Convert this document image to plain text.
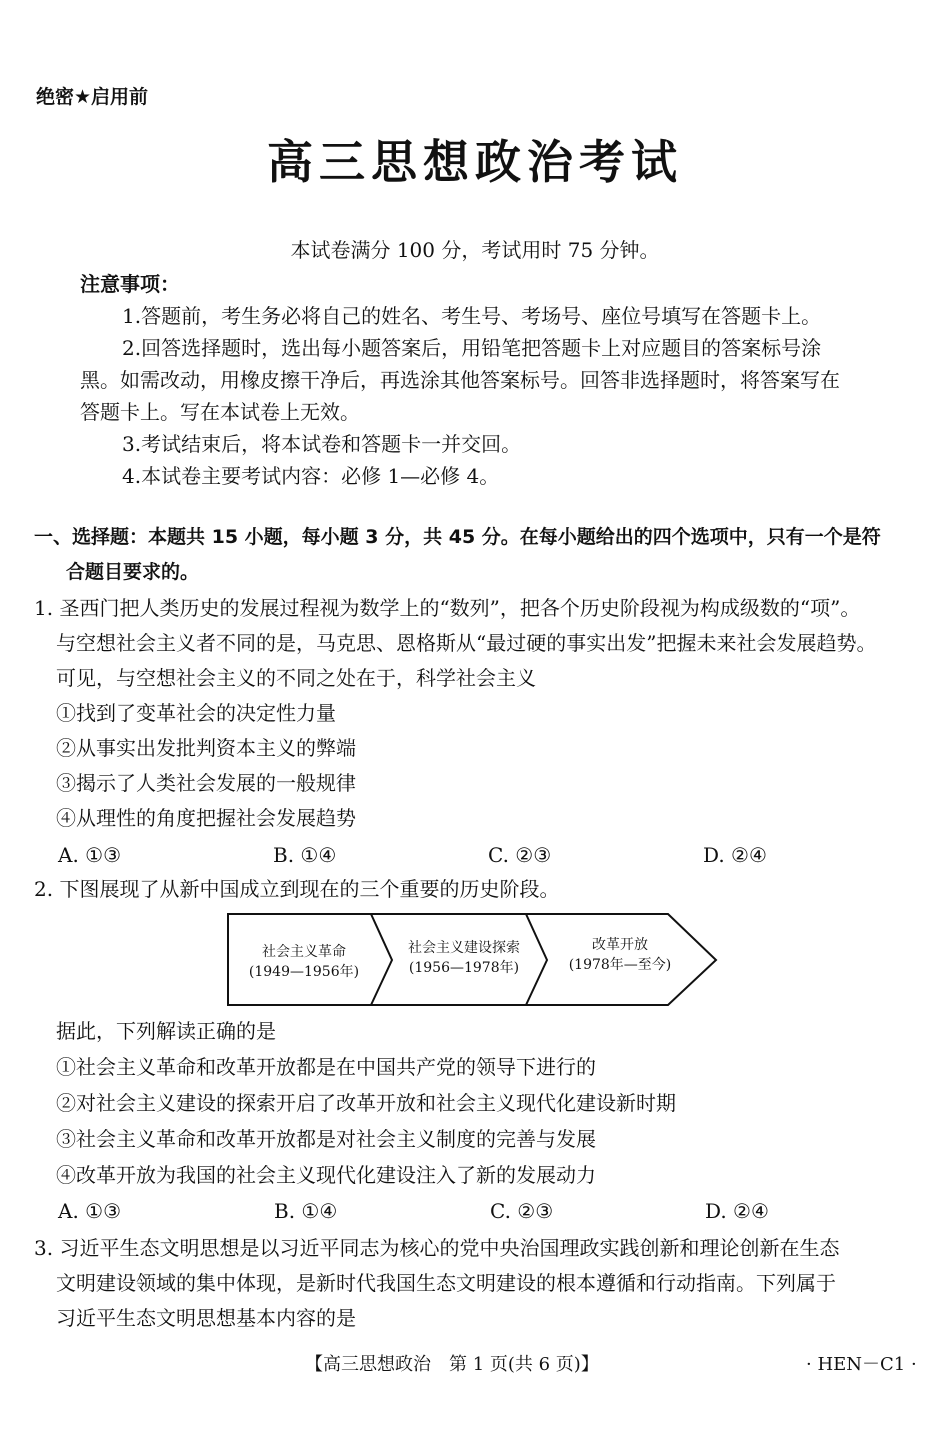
绝密★启用前
高三思想政治考试
本试卷满分 100 分，考试用时 75 分钟。
注意事项：
1.答题前，考生务必将自己的姓名、考生号、考场号、座位号填写在答题卡上。
2.回答选择题时，选出每小题答案后，用铅笔把答题卡上对应题目的答案标号涂
黑。如需改动，用橡皮擦干净后，再选涂其他答案标号。回答非选择题时，将答案写在
答题卡上。写在本试卷上无效。
3.考试结束后，将本试卷和答题卡一并交回。
4.本试卷主要考试内容：必修 1—必修 4。
一、选择题：本题共 15 小题，每小题 3 分，共 45 分。在每小题给出的四个选项中，只有一个是符
合题目要求的。
1. 圣西门把人类历史的发展过程视为数学上的“数列”，把各个历史阶段视为构成级数的“项”。
与空想社会主义者不同的是，马克思、恩格斯从“最过硬的事实出发”把握未来社会发展趋势。
可见，与空想社会主义的不同之处在于，科学社会主义
①找到了变革社会的决定性力量
②从事实出发批判资本主义的弊端
③揭示了人类社会发展的一般规律
④从理性的角度把握社会发展趋势
A. ①③	B. ①④	C. ②③	D. ②④
2. 下图展现了从新中国成立到现在的三个重要的历史阶段。
社会主义革命
(1949—1956年)
社会主义建设探索
(1956—1978年)
改革开放
(1978年—至今)
据此，下列解读正确的是
①社会主义革命和改革开放都是在中国共产党的领导下进行的
②对社会主义建设的探索开启了改革开放和社会主义现代化建设新时期
③社会主义革命和改革开放都是对社会主义制度的完善与发展
④改革开放为我国的社会主义现代化建设注入了新的发展动力
A. ①③	B. ①④	C. ②③	D. ②④
3. 习近平生态文明思想是以习近平同志为核心的党中央治国理政实践创新和理论创新在生态
文明建设领域的集中体现，是新时代我国生态文明建设的根本遵循和行动指南。下列属于
习近平生态文明思想基本内容的是
【高三思想政治　第 1 页(共 6 页)】	· HEN－C1 ·
